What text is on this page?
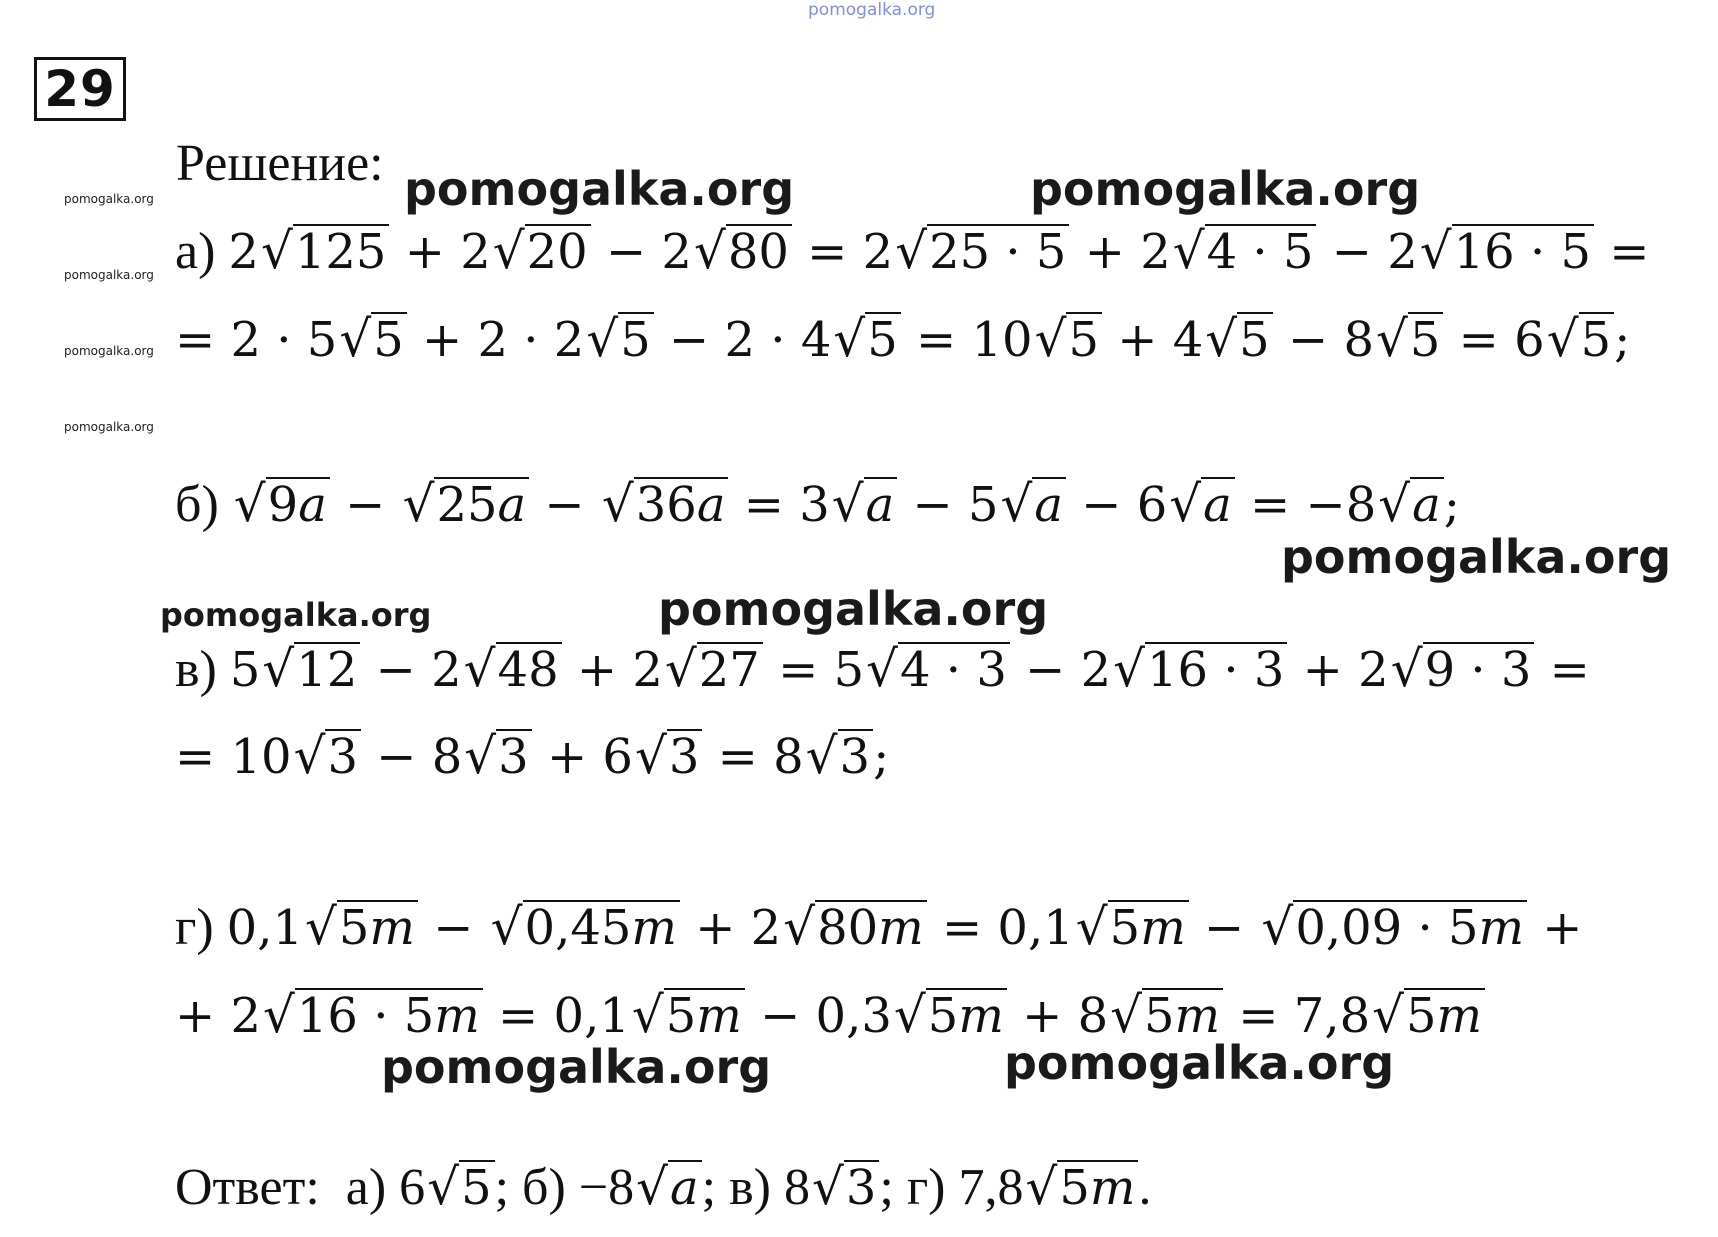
pomogalka.org
29
Решение: pomogalka.org	pomogalka.org
pomogalka.org
pomogalka.org
pomogalka.org
pomogalka.org	pomogalka.org
pomogalka.org
pomogalka.org
pomogalka.org
pomogalka.org
а) 2 √ 125 + 2 √ 20 − 2 √ 80 = 2 √ 25 · 5 + 2 √ 4 · 5 − 2 √ 16 · 5 =
= 2 · 5 √ 5 + 2 · 2 √ 5 − 2 · 4 √ 5 = 10 √ 5 + 4 √ 5 − 8 √ 5 = 6 √ 5 ;
б) √ 9a − √ 25a − √ 36a = 3 √ a − 5 √ a − 6 √ a = −8 √ a ;
в) 5 √ 12 − 2 √ 48 + 2 √ 27 = 5 √ 4 · 3 − 2 √ 16 · 3 + 2 √ 9 · 3 =
= 10 √ 3 − 8 √ 3 + 6 √ 3 = 8 √ 3 ;
г) 0,1 √ 5m − √ 0,45m + 2 √ 80m = 0,1 √ 5m − √ 0,09 · 5m +
+ 2 √ 16 · 5m = 0,1 √ 5m − 0,3 √ 5m + 8 √ 5m = 7,8 √ 5m
Ответ: а) 6 √ 5 ; б) −8 √ a ; в) 8 √ 3 ; г) 7,8 √ 5m .
